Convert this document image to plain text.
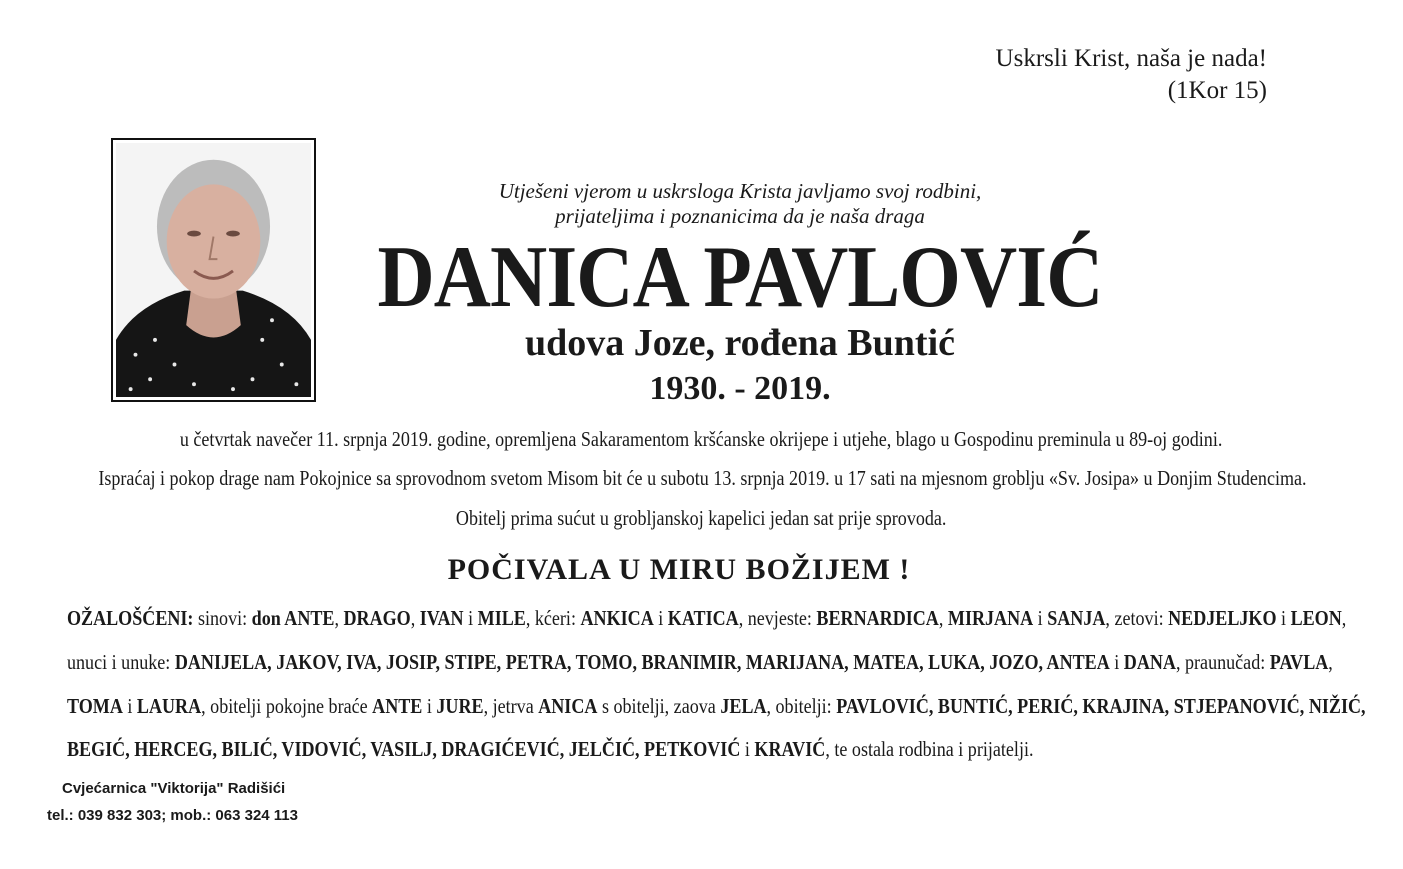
Uskrsli Krist, naša je nada!
(1Kor 15)
Utješeni vjerom u uskrsloga Krista javljamo svoj rodbini,
prijateljima i poznanicima da je naša draga
DANICA PAVLOVIĆ
udova Joze, rođena Buntić
1930. - 2019.
u četvrtak navečer 11. srpnja 2019. godine, opremljena Sakaramentom kršćanske okrijepe i utjehe, blago u Gospodinu preminula u 89-oj godini.
Ispraćaj i pokop drage nam Pokojnice sa sprovodnom svetom Misom bit će u subotu 13. srpnja 2019. u 17 sati na mjesnom groblju «Sv. Josipa» u Donjim Studencima.
Obitelj prima sućut u grobljanskoj kapelici jedan sat prije sprovoda.
POČIVALA U MIRU BOŽIJEM !
OŽALOŠĆENI: sinovi: don ANTE, DRAGO, IVAN i MILE, kćeri: ANKICA i KATICA, nevjeste: BERNARDICA, MIRJANA i SANJA, zetovi: NEDJELJKO i LEON,
unuci i unuke: DANIJELA, JAKOV, IVA, JOSIP, STIPE, PETRA, TOMO, BRANIMIR, MARIJANA, MATEA, LUKA, JOZO, ANTEA i DANA, praunučad: PAVLA,
TOMA i LAURA, obitelji pokojne braće ANTE i JURE, jetrva ANICA s obitelji, zaova JELA, obitelji: PAVLOVIĆ, BUNTIĆ, PERIĆ, KRAJINA, STJEPANOVIĆ, NIŽIĆ,
BEGIĆ, HERCEG, BILIĆ, VIDOVIĆ, VASILJ, DRAGIĆEVIĆ, JELČIĆ, PETKOVIĆ i KRAVIĆ, te ostala rodbina i prijatelji.
Cvjećarnica "Viktorija" Radišići
tel.: 039 832 303; mob.: 063 324 113
